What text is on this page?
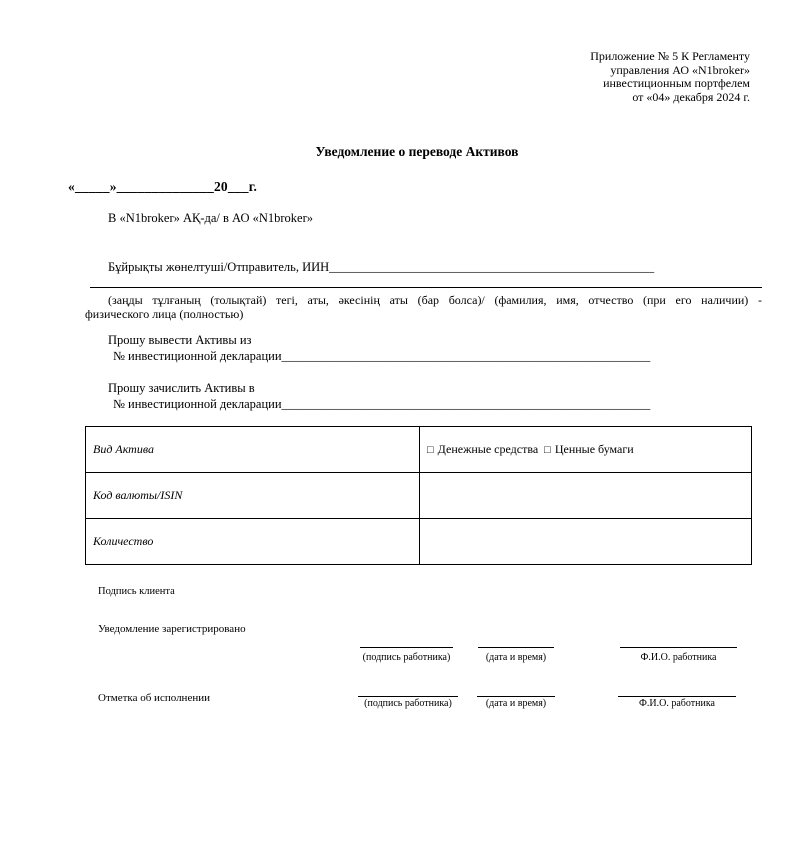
Приложение № 5 К Регламенту
управления АО «N1broker»
инвестиционным портфелем
от «04» декабря 2024 г.
Уведомление о переводе Активов
«_____»______________20___г.
В «N1broker» АҚ-да/ в АО «N1broker»
Бұйрықты жөнелтуші/Отправитель, ИИН____________________________________________________
(заңды тұлғаның (толықтай) тегі, аты, әкесінің аты (бар болса)/ (фамилия, имя, отчество (при его наличии) -
физического лица (полностью)
Прошу вывести Активы из
№ инвестиционной декларации___________________________________________________________
Прошу зачислить Активы в
№ инвестиционной декларации___________________________________________________________
Вид Актива	□ Денежные средства □ Ценные бумаги
Код валюты/ISIN	
Количество	
Подпись клиента
Уведомление зарегистрировано
(подпись работника)	(дата и время)	Ф.И.О. работника
Отметка об исполнении	(подпись работника)	(дата и время)	Ф.И.О. работника
